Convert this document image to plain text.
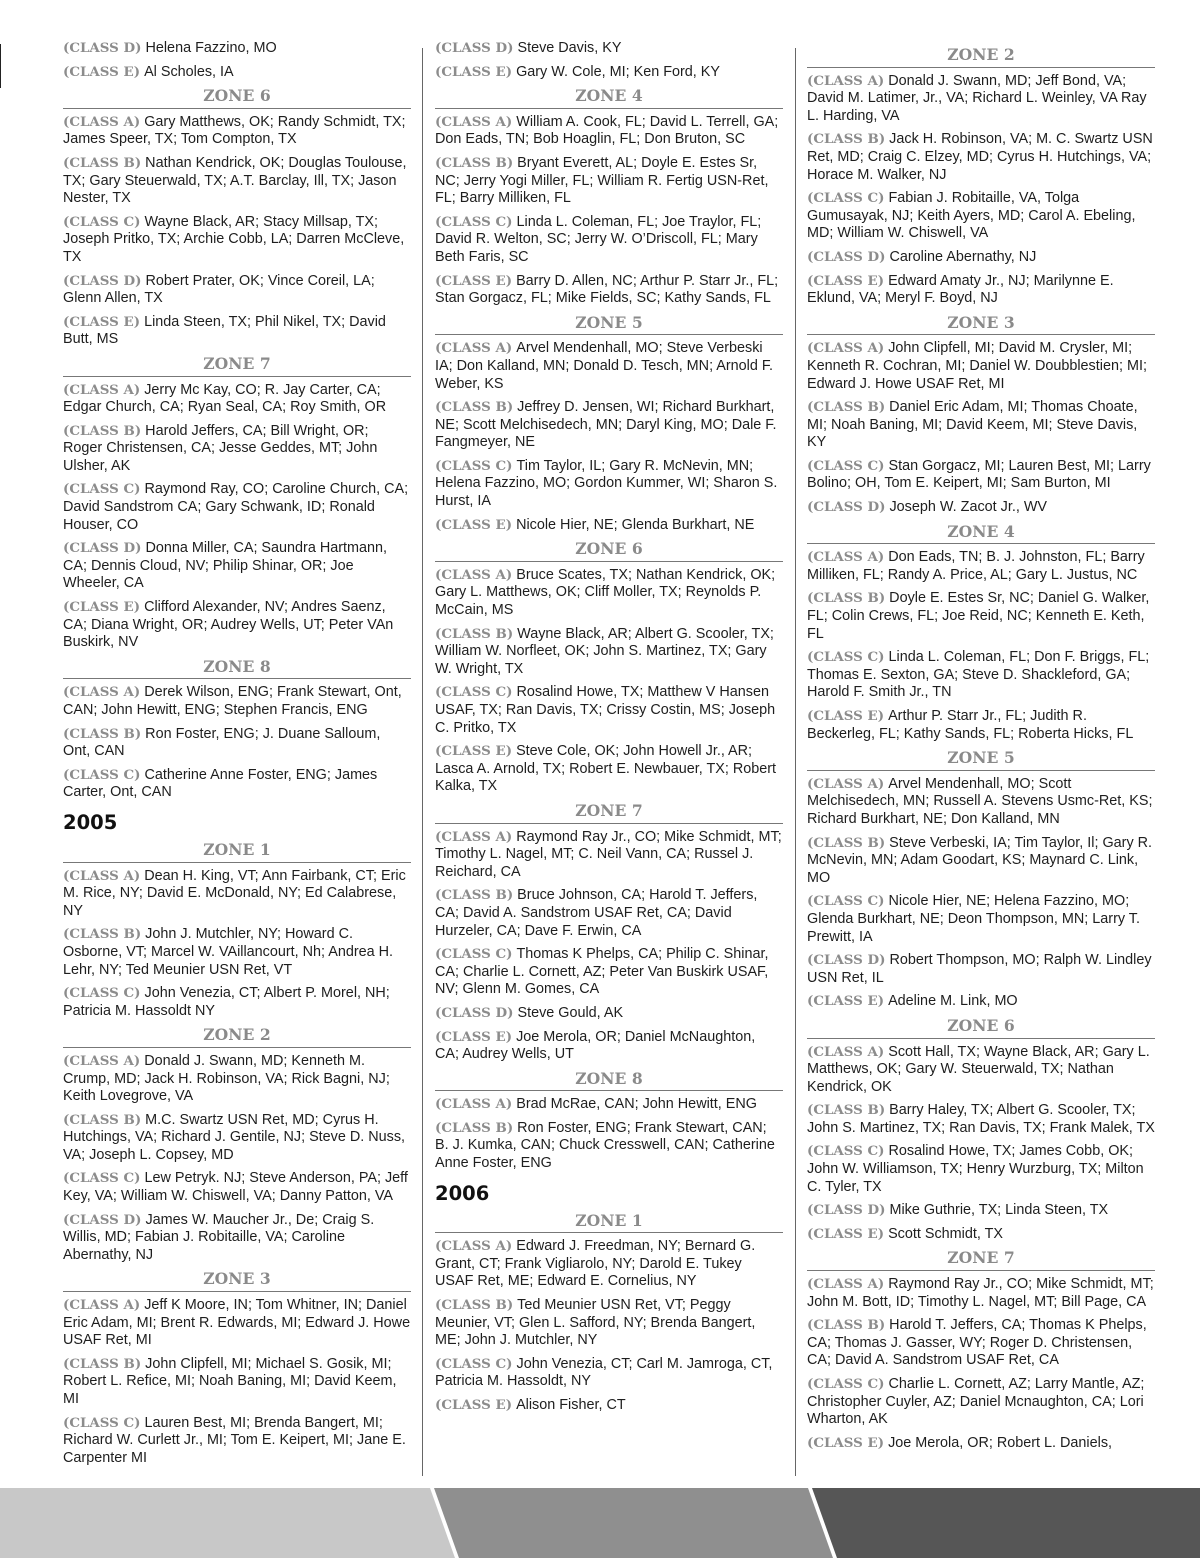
(CLASS D) Helena Fazzino, MO
(CLASS E) Al Scholes, IA
ZONE 6
(CLASS A) Gary Matthews, OK; Randy Schmidt, TX; James Speer, TX; Tom Compton, TX
(CLASS B) Nathan Kendrick, OK; Douglas Toulouse, TX; Gary Steuerwald, TX; A.T. Barclay, Ill, TX; Jason Nester, TX
(CLASS C) Wayne Black, AR; Stacy Millsap, TX; Joseph Pritko, TX; Archie Cobb, LA; Darren McCleve, TX
(CLASS D) Robert Prater, OK; Vince Coreil, LA; Glenn Allen, TX
(CLASS E) Linda Steen, TX; Phil Nikel, TX; David Butt, MS
ZONE 7
(CLASS A) Jerry Mc Kay, CO; R. Jay Carter, CA; Edgar Church, CA; Ryan Seal, CA; Roy Smith, OR
(CLASS B) Harold Jeffers, CA; Bill Wright, OR; Roger Christensen, CA; Jesse Geddes, MT; John Ulsher, AK
(CLASS C) Raymond Ray, CO; Caroline Church, CA; David Sandstrom CA; Gary Schwank, ID; Ronald Houser, CO
(CLASS D) Donna Miller, CA; Saundra Hartmann, CA; Dennis Cloud, NV; Philip Shinar, OR; Joe Wheeler, CA
(CLASS E) Clifford Alexander, NV; Andres Saenz, CA; Diana Wright, OR; Audrey Wells, UT; Peter VAn Buskirk, NV
ZONE 8
(CLASS A) Derek Wilson, ENG; Frank Stewart, Ont, CAN; John Hewitt, ENG; Stephen Francis, ENG
(CLASS B) Ron Foster, ENG; J. Duane Salloum, Ont, CAN
(CLASS C) Catherine Anne Foster, ENG; James Carter, Ont, CAN
2005
ZONE 1
(CLASS A) Dean H. King, VT; Ann Fairbank, CT; Eric M. Rice, NY; David E. McDonald, NY; Ed Calabrese, NY
(CLASS B) John J. Mutchler, NY; Howard C. Osborne, VT; Marcel W. VAillancourt, Nh; Andrea H. Lehr, NY; Ted Meunier USN Ret, VT
(CLASS C) John Venezia, CT; Albert P. Morel, NH; Patricia M. Hassoldt NY
ZONE 2
(CLASS A) Donald J. Swann, MD; Kenneth M. Crump, MD; Jack H. Robinson, VA; Rick Bagni, NJ; Keith Lovegrove, VA
(CLASS B) M.C. Swartz USN Ret, MD; Cyrus H. Hutchings, VA; Richard J. Gentile, NJ; Steve D. Nuss, VA; Joseph L. Copsey, MD
(CLASS C) Lew Petryk. NJ; Steve Anderson, PA; Jeff Key, VA; William W. Chiswell, VA; Danny Patton, VA
(CLASS D) James W. Maucher Jr., De; Craig S. Willis, MD; Fabian J. Robitaille, VA; Caroline Abernathy, NJ
ZONE 3
(CLASS A) Jeff K Moore, IN; Tom Whitner, IN; Daniel Eric Adam, MI; Brent R. Edwards, MI; Edward J. Howe USAF Ret, MI
(CLASS B) John Clipfell, MI; Michael S. Gosik, MI; Robert L. Refice, MI; Noah Baning, MI; David Keem, MI
(CLASS C) Lauren Best, MI; Brenda Bangert, MI; Richard W. Curlett Jr., MI; Tom E. Keipert, MI; Jane E. Carpenter MI
(CLASS D) Steve Davis, KY
(CLASS E) Gary W. Cole, MI; Ken Ford, KY
ZONE 4
(CLASS A) William A. Cook, FL; David L. Terrell, GA; Don Eads, TN; Bob Hoaglin, FL; Don Bruton, SC
(CLASS B) Bryant Everett, AL; Doyle E. Estes Sr, NC; Jerry Yogi Miller, FL; William R. Fertig USN-Ret, FL; Barry Milliken, FL
(CLASS C) Linda L. Coleman, FL; Joe Traylor, FL; David R. Welton, SC; Jerry W. O’Driscoll, FL; Mary Beth Faris, SC
(CLASS E) Barry D. Allen, NC; Arthur P. Starr Jr., FL; Stan Gorgacz, FL; Mike Fields, SC; Kathy Sands, FL
ZONE 5
(CLASS A) Arvel Mendenhall, MO; Steve Verbeski IA; Don Kalland, MN; Donald D. Tesch, MN; Arnold F. Weber, KS
(CLASS B) Jeffrey D. Jensen, WI; Richard Burkhart, NE; Scott Melchisedech, MN; Daryl King, MO; Dale F. Fangmeyer, NE
(CLASS C) Tim Taylor, IL; Gary R. McNevin, MN; Helena Fazzino, MO; Gordon Kummer, WI; Sharon S. Hurst, IA
(CLASS E) Nicole Hier, NE; Glenda Burkhart, NE
ZONE 6
(CLASS A) Bruce Scates, TX; Nathan Kendrick, OK; Gary L. Matthews, OK; Cliff Moller, TX; Reynolds P. McCain, MS
(CLASS B) Wayne Black, AR; Albert G. Scooler, TX; William W. Norfleet, OK; John S. Martinez, TX; Gary W. Wright, TX
(CLASS C) Rosalind Howe, TX; Matthew V Hansen USAF, TX; Ran Davis, TX; Crissy Costin, MS; Joseph C. Pritko, TX
(CLASS E) Steve Cole, OK; John Howell Jr., AR; Lasca A. Arnold, TX; Robert E. Newbauer, TX; Robert Kalka, TX
ZONE 7
(CLASS A) Raymond Ray Jr., CO; Mike Schmidt, MT; Timothy L. Nagel, MT; C. Neil Vann, CA; Russel J. Reichard, CA
(CLASS B) Bruce Johnson, CA; Harold T. Jeffers, CA; David A. Sandstrom USAF Ret, CA; David Hurzeler, CA; Dave F. Erwin, CA
(CLASS C) Thomas K Phelps, CA; Philip C. Shinar, CA; Charlie L. Cornett, AZ; Peter Van Buskirk USAF, NV; Glenn M. Gomes, CA
(CLASS D) Steve Gould, AK
(CLASS E) Joe Merola, OR; Daniel McNaughton, CA; Audrey Wells, UT
ZONE 8
(CLASS A) Brad McRae, CAN; John Hewitt, ENG
(CLASS B) Ron Foster, ENG; Frank Stewart, CAN; B. J. Kumka, CAN; Chuck Cresswell, CAN; Catherine Anne Foster, ENG
2006
ZONE 1
(CLASS A) Edward J. Freedman, NY; Bernard G. Grant, CT; Frank Vigliarolo, NY; Darold E. Tukey USAF Ret, ME; Edward E. Cornelius, NY
(CLASS B) Ted Meunier USN Ret, VT; Peggy Meunier, VT; Glen L. Safford, NY; Brenda Bangert, ME; John J. Mutchler, NY
(CLASS C) John Venezia, CT; Carl M. Jamroga, CT, Patricia M. Hassoldt, NY
(CLASS E) Alison Fisher, CT
ZONE 2
(CLASS A) Donald J. Swann, MD; Jeff Bond, VA; David M. Latimer, Jr., VA; Richard L. Weinley, VA Ray L. Harding, VA
(CLASS B) Jack H. Robinson, VA; M. C. Swartz USN Ret, MD; Craig C. Elzey, MD; Cyrus H. Hutchings, VA; Horace M. Walker, NJ
(CLASS C) Fabian J. Robitaille, VA, Tolga Gumusayak, NJ; Keith Ayers, MD; Carol A. Ebeling, MD; William W. Chiswell, VA
(CLASS D) Caroline Abernathy, NJ
(CLASS E) Edward Amaty Jr., NJ; Marilynne E. Eklund, VA; Meryl F. Boyd, NJ
ZONE 3
(CLASS A) John Clipfell, MI; David M. Crysler, MI; Kenneth R. Cochran, MI; Daniel W. Doubblestien; MI; Edward J. Howe USAF Ret, MI
(CLASS B) Daniel Eric Adam, MI; Thomas Choate, MI; Noah Baning, MI; David Keem, MI; Steve Davis, KY
(CLASS C) Stan Gorgacz, MI; Lauren Best, MI; Larry Bolino; OH, Tom E. Keipert, MI; Sam Burton, MI
(CLASS D) Joseph W. Zacot Jr., WV
ZONE 4
(CLASS A) Don Eads, TN; B. J. Johnston, FL; Barry Milliken, FL; Randy A. Price, AL; Gary L. Justus, NC
(CLASS B) Doyle E. Estes Sr, NC; Daniel G. Walker, FL; Colin Crews, FL; Joe Reid, NC; Kenneth E. Keth, FL
(CLASS C) Linda L. Coleman, FL; Don F. Briggs, FL; Thomas E. Sexton, GA; Steve D. Shackleford, GA; Harold F. Smith Jr., TN
(CLASS E) Arthur P. Starr Jr., FL; Judith R. Beckerleg, FL; Kathy Sands, FL; Roberta Hicks, FL
ZONE 5
(CLASS A) Arvel Mendenhall, MO; Scott Melchisedech, MN; Russell A. Stevens Usmc-Ret, KS; Richard Burkhart, NE; Don Kalland, MN
(CLASS B) Steve Verbeski, IA; Tim Taylor, Il; Gary R. McNevin, MN; Adam Goodart, KS; Maynard C. Link, MO
(CLASS C) Nicole Hier, NE; Helena Fazzino, MO; Glenda Burkhart, NE; Deon Thompson, MN; Larry T. Prewitt, IA
(CLASS D) Robert Thompson, MO; Ralph W. Lindley USN Ret, IL
(CLASS E) Adeline M. Link, MO
ZONE 6
(CLASS A) Scott Hall, TX; Wayne Black, AR; Gary L. Matthews, OK; Gary W. Steuerwald, TX; Nathan Kendrick, OK
(CLASS B) Barry Haley, TX; Albert G. Scooler, TX; John S. Martinez, TX; Ran Davis, TX; Frank Malek, TX
(CLASS C) Rosalind Howe, TX; James Cobb, OK; John W. Williamson, TX; Henry Wurzburg, TX; Milton C. Tyler, TX
(CLASS D) Mike Guthrie, TX; Linda Steen, TX
(CLASS E) Scott Schmidt, TX
ZONE 7
(CLASS A) Raymond Ray Jr., CO; Mike Schmidt, MT; John M. Bott, ID; Timothy L. Nagel, MT; Bill Page, CA
(CLASS B) Harold T. Jeffers, CA; Thomas K Phelps, CA; Thomas J. Gasser, WY; Roger D. Christensen, CA; David A. Sandstrom USAF Ret, CA
(CLASS C) Charlie L. Cornett, AZ; Larry Mantle, AZ; Christopher Cuyler, AZ; Daniel Mcnaughton, CA; Lori Wharton, AK
(CLASS E) Joe Merola, OR; Robert L. Daniels,
